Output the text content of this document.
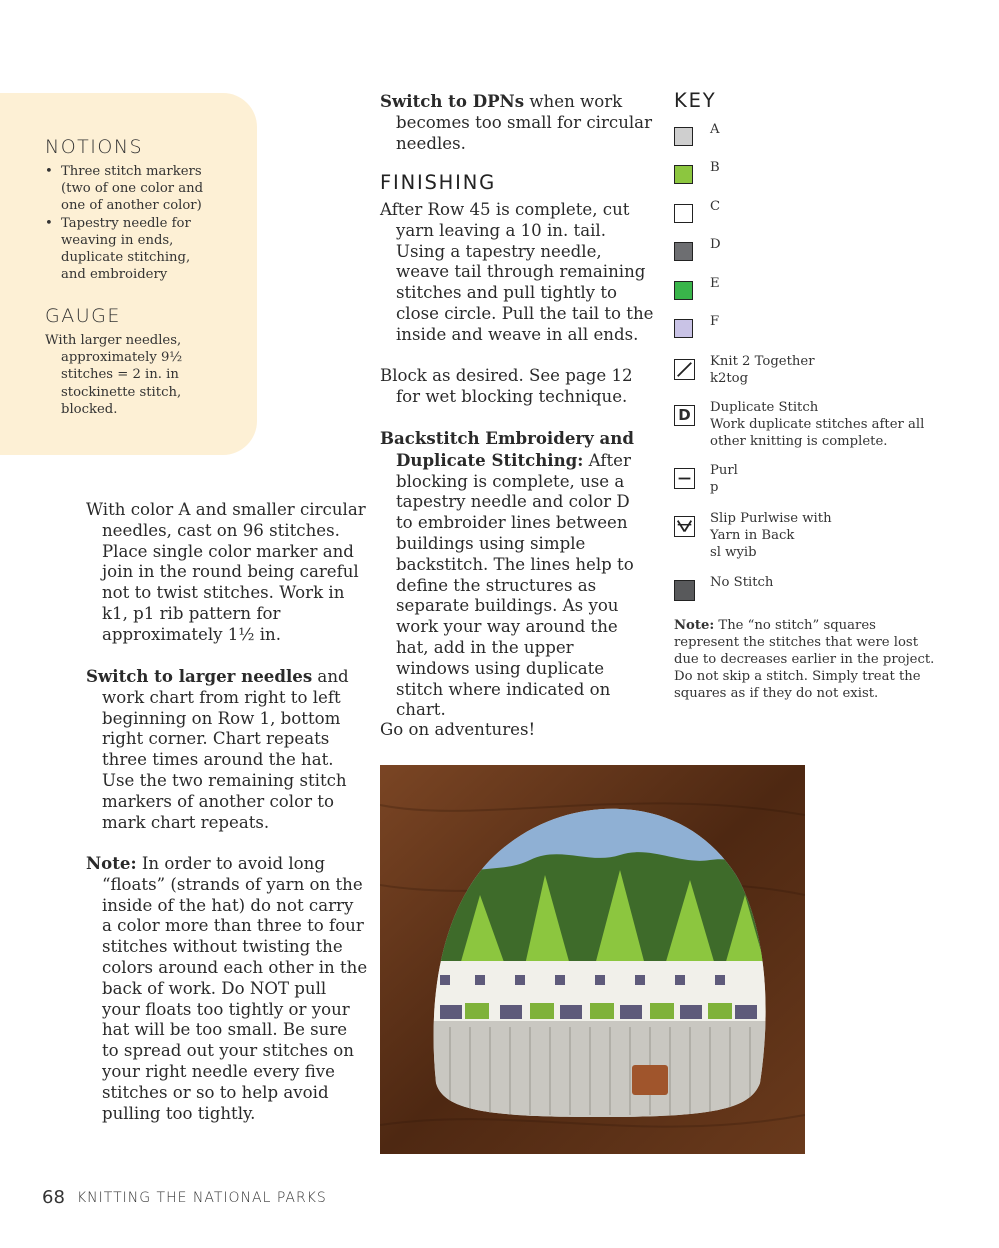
NOTIONS
• Three stitch markers (two of one color and one of another color)
• Tapestry needle for weaving in ends, duplicate stitching, and embroidery
GAUGE

With larger needles, approximately 9½ stitches = 2 in. in stockinette stitch, blocked.

With color A and smaller circular needles, cast on 96 stitches. Place single color marker and join in the round being careful not to twist stitches. Work in k1, p1 rib pattern for approximately 1½ in.

Switch to larger needles and work chart from right to left beginning on Row 1, bottom right corner. Chart repeats three times around the hat. Use the two remaining stitch markers of another color to mark chart repeats.

Note: In order to avoid long “floats” (strands of yarn on the inside of the hat) do not carry a color more than three to four stitches without twisting the colors around each other in the back of work. Do NOT pull your floats too tightly or your hat will be too small. Be sure to spread out your stitches on your right needle every five stitches or so to help avoid pulling too tightly.

Switch to DPNs when work becomes too small for circular needles.

FINISHING

After Row 45 is complete, cut yarn leaving a 10 in. tail. Using a tapestry needle, weave tail through remaining stitches and pull tightly to close circle. Pull the tail to the inside and weave in all ends.

Block as desired. See page 12 for wet blocking technique.

Backstitch Embroidery and Duplicate Stitching: After blocking is complete, use a tapestry needle and color D to embroider lines between buildings using simple backstitch. The lines help to define the structures as separate buildings. As you work your way around the hat, add in the upper windows using duplicate stitch where indicated on chart.

Go on adventures!

KEY
A
B
C
D
E
F
Knit 2 Together
k2tog
D Duplicate Stitch
Work duplicate stitches after all other knitting is complete.
Purl
p
Slip Purlwise with Yarn in Back
sl wyib
No Stitch

Note: The “no stitch” squares represent the stitches that were lost due to decreases earlier in the project. Do not skip a stitch. Simply treat the squares as if they do not exist.

68 KNITTING THE NATIONAL PARKS
